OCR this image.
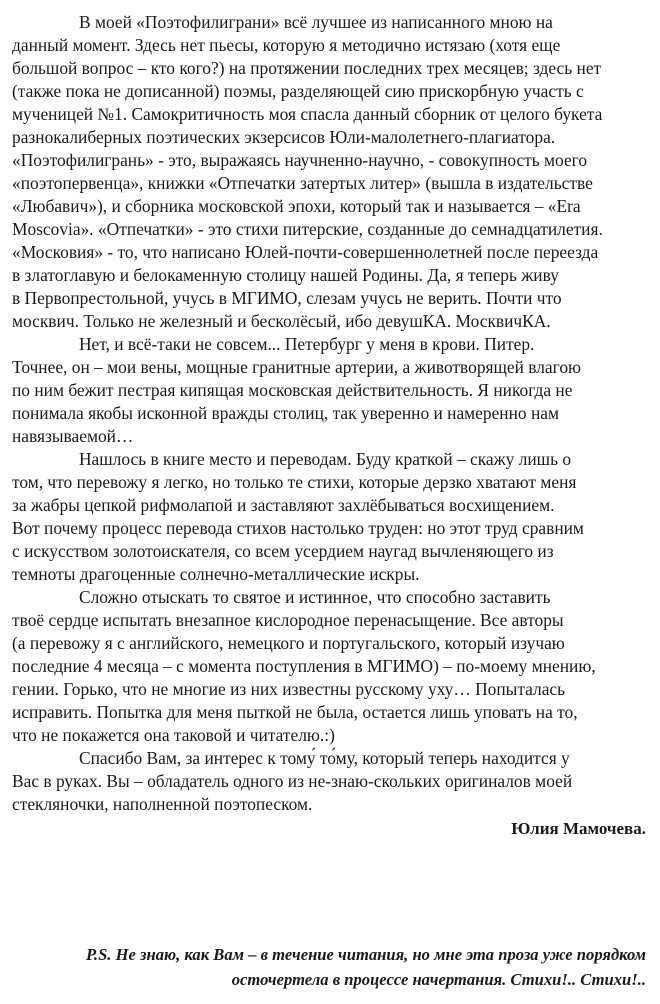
В моей «Поэтофилиграни» всё лучшее из написанного мною на
данный момент. Здесь нет пьесы, которую я методично истязаю (хотя еще
большой вопрос – кто кого?) на протяжении последних трех месяцев; здесь нет
(также пока не дописанной) поэмы, разделяющей сию прискорбную участь с
мученицей №1. Самокритичность моя спасла данный сборник от целого букета
разнокалиберных поэтических экзерсисов Юли-малолетнего-плагиатора.
«Поэтофилигрань» - это, выражаясь научненно-научно, - совокупность моего
«поэтопервенца», книжки «Отпечатки затертых литер» (вышла в издательстве
«Любавич»), и сборника московской эпохи, который так и называется – «Era
Moscovia». «Отпечатки» - это стихи питерские, созданные до семнадцатилетия.
«Московия» - то, что написано Юлей-почти-совершеннолетней после переезда
в златоглавую и белокаменную столицу нашей Родины. Да, я теперь живу
в Первопрестольной, учусь в МГИМО, слезам учусь не верить. Почти что
москвич. Только не железный и бесколёсый, ибо девушКА. МосквичКА.
Нет, и всё-таки не совсем... Петербург у меня в крови. Питер.
Точнее, он – мои вены, мощные гранитные артерии, а животворящей влагою
по ним бежит пестрая кипящая московская действительность. Я никогда не
понимала якобы исконной вражды столиц, так уверенно и намеренно нам
навязываемой…
Нашлось в книге место и переводам. Буду краткой – скажу лишь о
том, что перевожу я легко, но только те стихи, которые дерзко хватают меня
за жабры цепкой рифмолапой и заставляют захлёбываться восхищением.
Вот почему процесс перевода стихов настолько труден: но этот труд сравним
с искусством золотоискателя, со всем усердием наугад вычленяющего из
темноты драгоценные солнечно-металлические искры.
Сложно отыскать то святое и истинное, что способно заставить
твоё сердце испытать внезапное кислородное перенасыщение. Все авторы
(а перевожу я с английского, немецкого и португальского, который изучаю
последние 4 месяца – с момента поступления в МГИМО) – по-моему мнению,
гении. Горько, что не многие из них известны русскому уху… Попыталась
исправить. Попытка для меня пыткой не была, остается лишь уповать на то,
что не покажется она таковой и читателю.:)
Спасибо Вам, за интерес к тому́ то́му, который теперь находится у
Вас в руках. Вы – обладатель одного из не-знаю-скольких оригиналов моей
стекляночки, наполненной поэтопеском.
Юлия Мамочева.
P.S. Не знаю, как Вам – в течение читания, но мне эта проза уже порядком
осточертела в процессе начертания. Стихи!.. Стихи!..
